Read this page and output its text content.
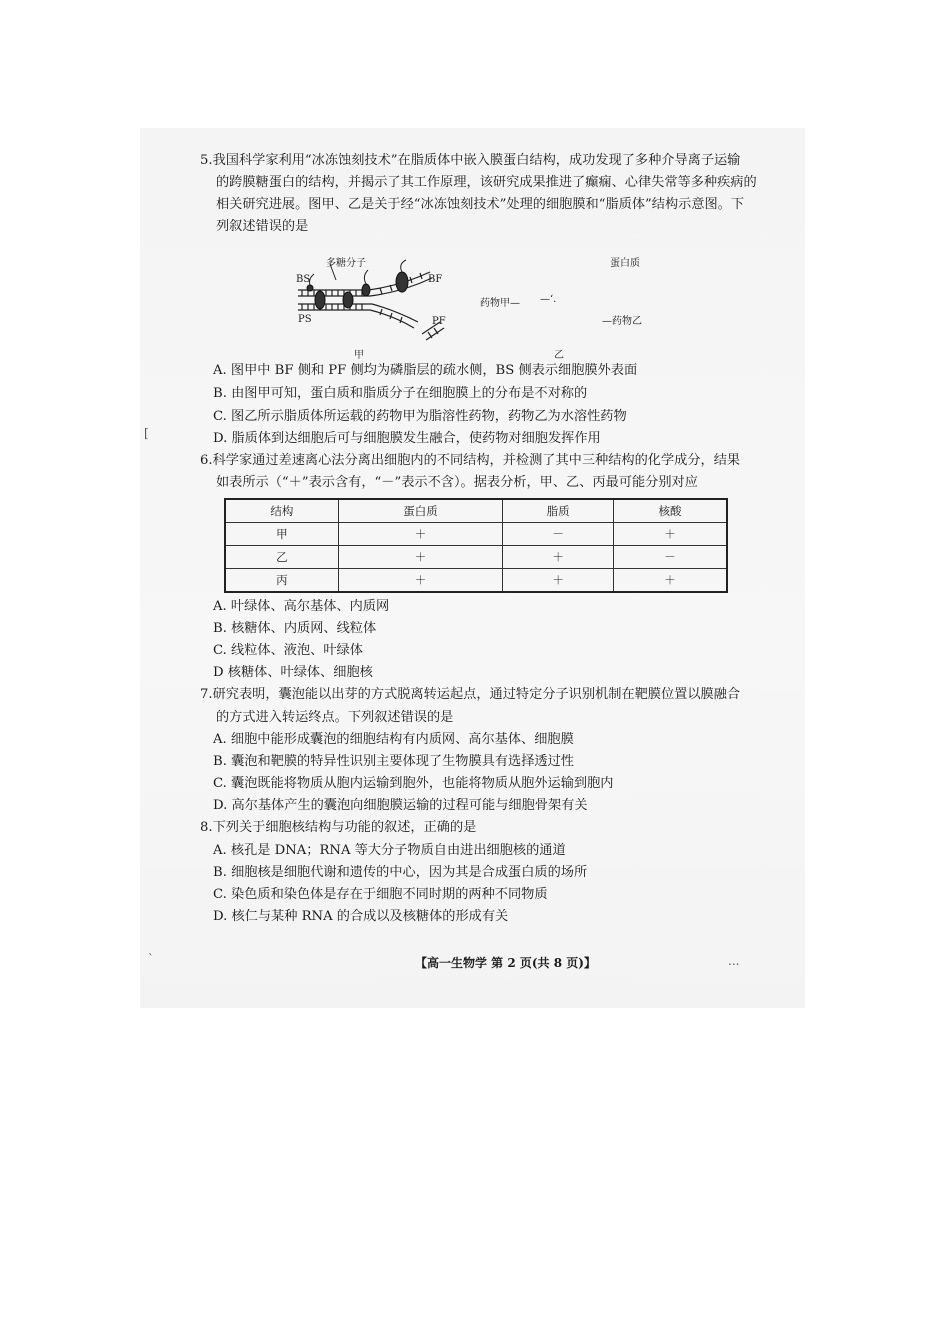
5.我国科学家利用“冰冻蚀刻技术”在脂质体中嵌入膜蛋白结构，成功发现了多种介导离子运输
的跨膜糖蛋白的结构，并揭示了其工作原理，该研究成果推进了癫痫、心律失常等多种疾病的
相关研究进展。图甲、乙是关于经“冰冻蚀刻技术”处理的细胞膜和“脂质体”结构示意图。下
列叙述错误的是
多糖分子
BS	BF
PS	PF
甲
蛋白质
药物甲— —‘.
—药物乙
乙
A. 图甲中 BF 侧和 PF 侧均为磷脂层的疏水侧，BS 侧表示细胞膜外表面
B. 由图甲可知，蛋白质和脂质分子在细胞膜上的分布是不对称的
C. 图乙所示脂质体所运载的药物甲为脂溶性药物，药物乙为水溶性药物
D. 脂质体到达细胞后可与细胞膜发生融合，使药物对细胞发挥作用
[
6.科学家通过差速离心法分离出细胞内的不同结构，并检测了其中三种结构的化学成分，结果
如表所示（“＋”表示含有，“－”表示不含）。据表分析，甲、乙、丙最可能分别对应
结构	蛋白质	脂质	核酸
甲	＋	－	＋
乙	＋	＋	－
丙	＋	＋	＋
A. 叶绿体、高尔基体、内质网
B. 核糖体、内质网、线粒体
C. 线粒体、液泡、叶绿体
D 核糖体、叶绿体、细胞核
7.研究表明，囊泡能以出芽的方式脱离转运起点，通过特定分子识别机制在靶膜位置以膜融合
的方式进入转运终点。下列叙述错误的是
A. 细胞中能形成囊泡的细胞结构有内质网、高尔基体、细胞膜
B. 囊泡和靶膜的特异性识别主要体现了生物膜具有选择透过性
C. 囊泡既能将物质从胞内运输到胞外，也能将物质从胞外运输到胞内
D. 高尔基体产生的囊泡向细胞膜运输的过程可能与细胞骨架有关
8.下列关于细胞核结构与功能的叙述，正确的是
A. 核孔是 DNA；RNA 等大分子物质自由进出细胞核的通道
B. 细胞核是细胞代谢和遗传的中心，因为其是合成蛋白质的场所
C. 染色质和染色体是存在于细胞不同时期的两种不同物质
D. 核仁与某种 RNA 的合成以及核糖体的形成有关
ˋ	【高一生物学 第 2 页(共 8 页)】	...
